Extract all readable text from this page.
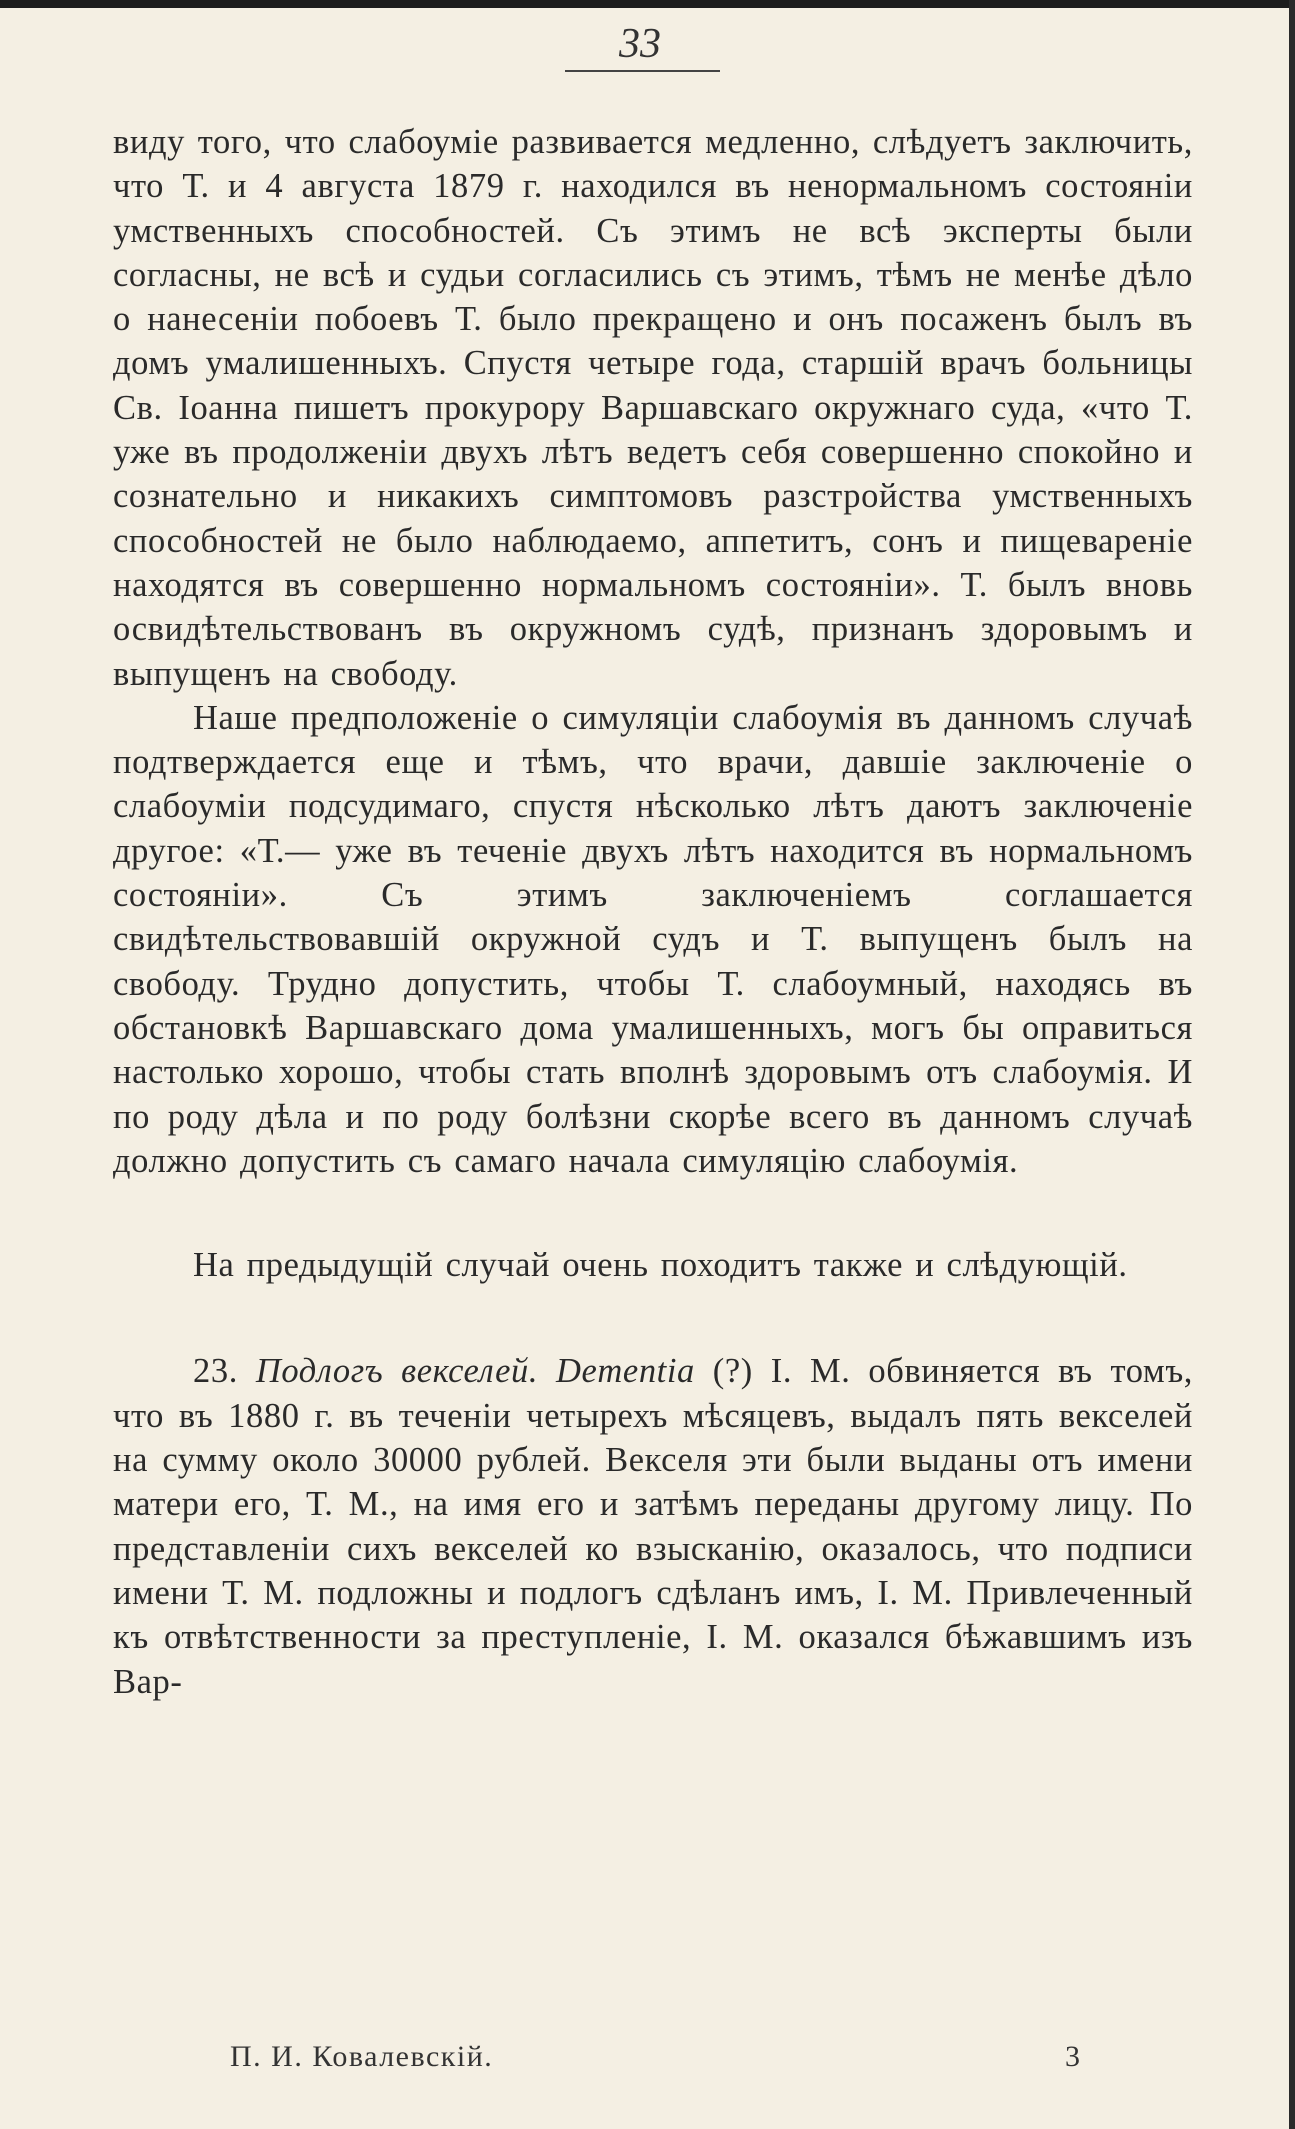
33

виду того, что слабоуміе развивается медленно, слѣдуетъ заключить, что Т. и 4 августа 1879 г. находился въ ненормальномъ состояніи умственныхъ способностей. Съ этимъ не всѣ эксперты были согласны, не всѣ и судьи согласились съ этимъ, тѣмъ не менѣе дѣло о нанесеніи побоевъ Т. было прекращено и онъ посаженъ былъ въ домъ умалишенныхъ. Спустя четыре года, старшій врачъ больницы Св. Іоанна пишетъ прокурору Варшавскаго окружнаго суда, «что Т. уже въ продолженіи двухъ лѣтъ ведетъ себя совершенно спокойно и сознательно и никакихъ симптомовъ разстройства умственныхъ способностей не было наблюдаемо, аппетитъ, сонъ и пищевареніе находятся въ совершенно нормальномъ состояніи». Т. былъ вновь освидѣтельствованъ въ окружномъ судѣ, признанъ здоровымъ и выпущенъ на свободу.

Наше предположеніе о симуляціи слабоумія въ данномъ случаѣ подтверждается еще и тѣмъ, что врачи, давшіе заключеніе о слабоуміи подсудимаго, спустя нѣсколько лѣтъ даютъ заключеніе другое: «Т.— уже въ теченіе двухъ лѣтъ находится въ нормальномъ состояніи». Съ этимъ заключеніемъ соглашается свидѣтельствовавшій окружной судъ и Т. выпущенъ былъ на свободу. Трудно допустить, чтобы Т. слабоумный, находясь въ обстановкѣ Варшавскаго дома умалишенныхъ, могъ бы оправиться настолько хорошо, чтобы стать вполнѣ здоровымъ отъ слабоумія. И по роду дѣла и по роду болѣзни скорѣе всего въ данномъ случаѣ должно допустить съ самаго начала симуляцію слабоумія.

На предыдущій случай очень походитъ также и слѣдующій.

23. Подлогъ векселей. Dementia (?) І. М. обвиняется въ томъ, что въ 1880 г. въ теченіи четырехъ мѣсяцевъ, выдалъ пять векселей на сумму около 30000 рублей. Векселя эти были выданы отъ имени матери его, Т. М., на имя его и затѣмъ переданы другому лицу. По представленіи сихъ векселей ко взысканію, оказалось, что подписи имени Т. М. подложны и подлогъ сдѣланъ имъ, І. М. Привлеченный къ отвѣтственности за преступленіе, І. М. оказался бѣжавшимъ изъ Вар-

П. И. Ковалевскій.	3
